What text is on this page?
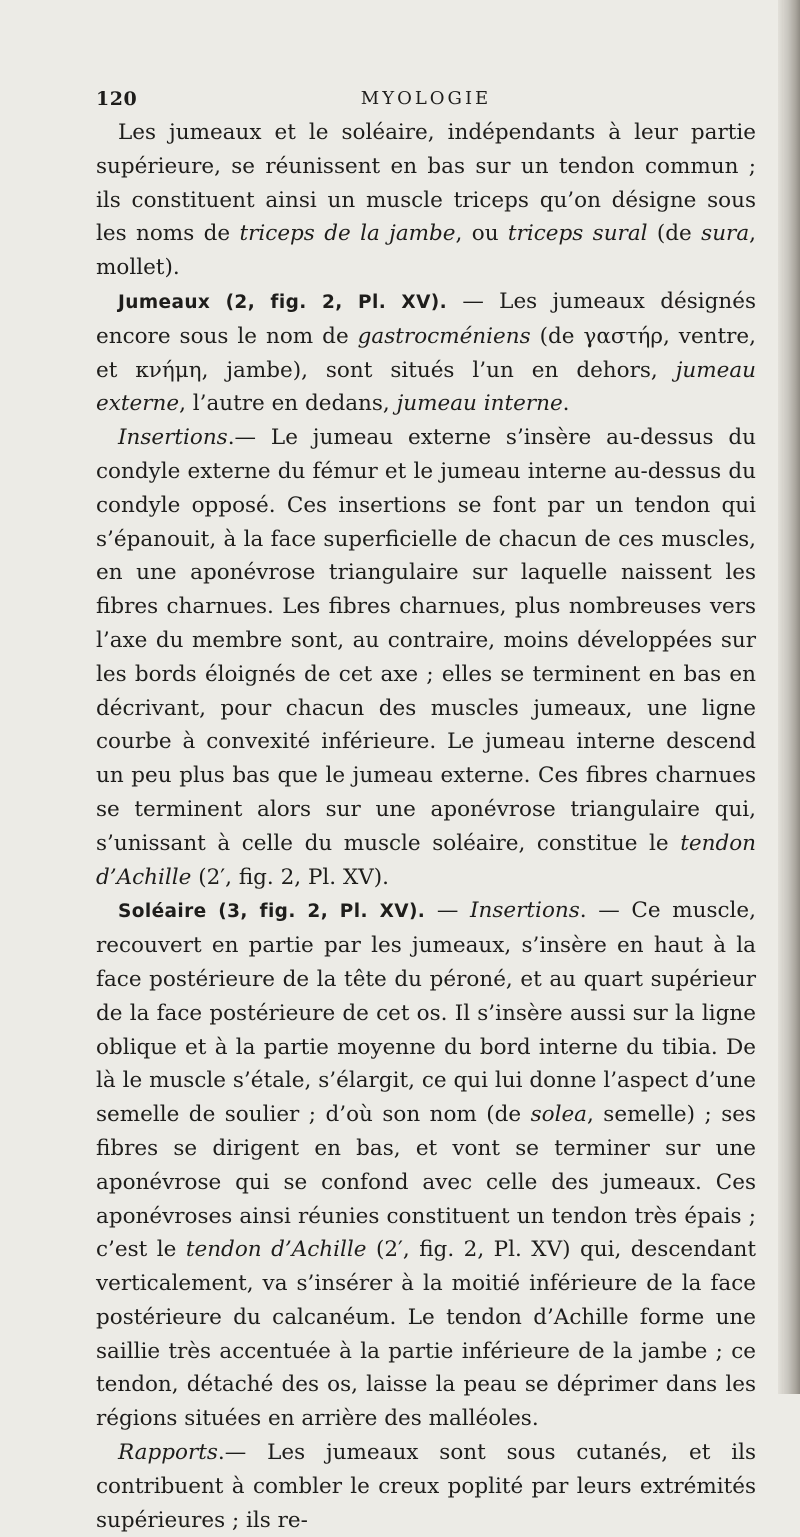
120	MYOLOGIE

Les jumeaux et le soléaire, indépendants à leur partie supérieure, se réunissent en bas sur un tendon commun ; ils constituent ainsi un muscle triceps qu’on désigne sous les noms de triceps de la jambe, ou triceps sural (de sura, mollet).

Jumeaux (2, fig. 2, Pl. XV). — Les jumeaux désignés encore sous le nom de gastrocméniens (de γαστήρ, ventre, et κνήμη, jambe), sont situés l’un en dehors, jumeau externe, l’autre en dedans, jumeau interne.

Insertions.— Le jumeau externe s’insère au-dessus du condyle externe du fémur et le jumeau interne au-dessus du condyle opposé. Ces insertions se font par un tendon qui s’épanouit, à la face superficielle de chacun de ces muscles, en une aponévrose triangulaire sur laquelle naissent les fibres charnues. Les fibres charnues, plus nombreuses vers l’axe du membre sont, au contraire, moins développées sur les bords éloignés de cet axe ; elles se terminent en bas en décrivant, pour chacun des muscles jumeaux, une ligne courbe à convexité inférieure. Le jumeau interne descend un peu plus bas que le jumeau externe. Ces fibres charnues se terminent alors sur une aponévrose triangulaire qui, s’unissant à celle du muscle soléaire, constitue le tendon d’Achille (2′, fig. 2, Pl. XV).

Soléaire (3, fig. 2, Pl. XV). — Insertions. — Ce muscle, recouvert en partie par les jumeaux, s’insère en haut à la face postérieure de la tête du péroné, et au quart supérieur de la face postérieure de cet os. Il s’insère aussi sur la ligne oblique et à la partie moyenne du bord interne du tibia. De là le muscle s’étale, s’élargit, ce qui lui donne l’aspect d’une semelle de soulier ; d’où son nom (de solea, semelle) ; ses fibres se dirigent en bas, et vont se terminer sur une aponévrose qui se confond avec celle des jumeaux. Ces aponévroses ainsi réunies constituent un tendon très épais ; c’est le tendon d’Achille (2′, fig. 2, Pl. XV) qui, descendant verticalement, va s’insérer à la moitié inférieure de la face postérieure du calcanéum. Le tendon d’Achille forme une saillie très accentuée à la partie inférieure de la jambe ; ce tendon, détaché des os, laisse la peau se déprimer dans les régions situées en arrière des malléoles.

Rapports.— Les jumeaux sont sous cutanés, et ils contribuent à combler le creux poplité par leurs extrémités supérieures ; ils re-
